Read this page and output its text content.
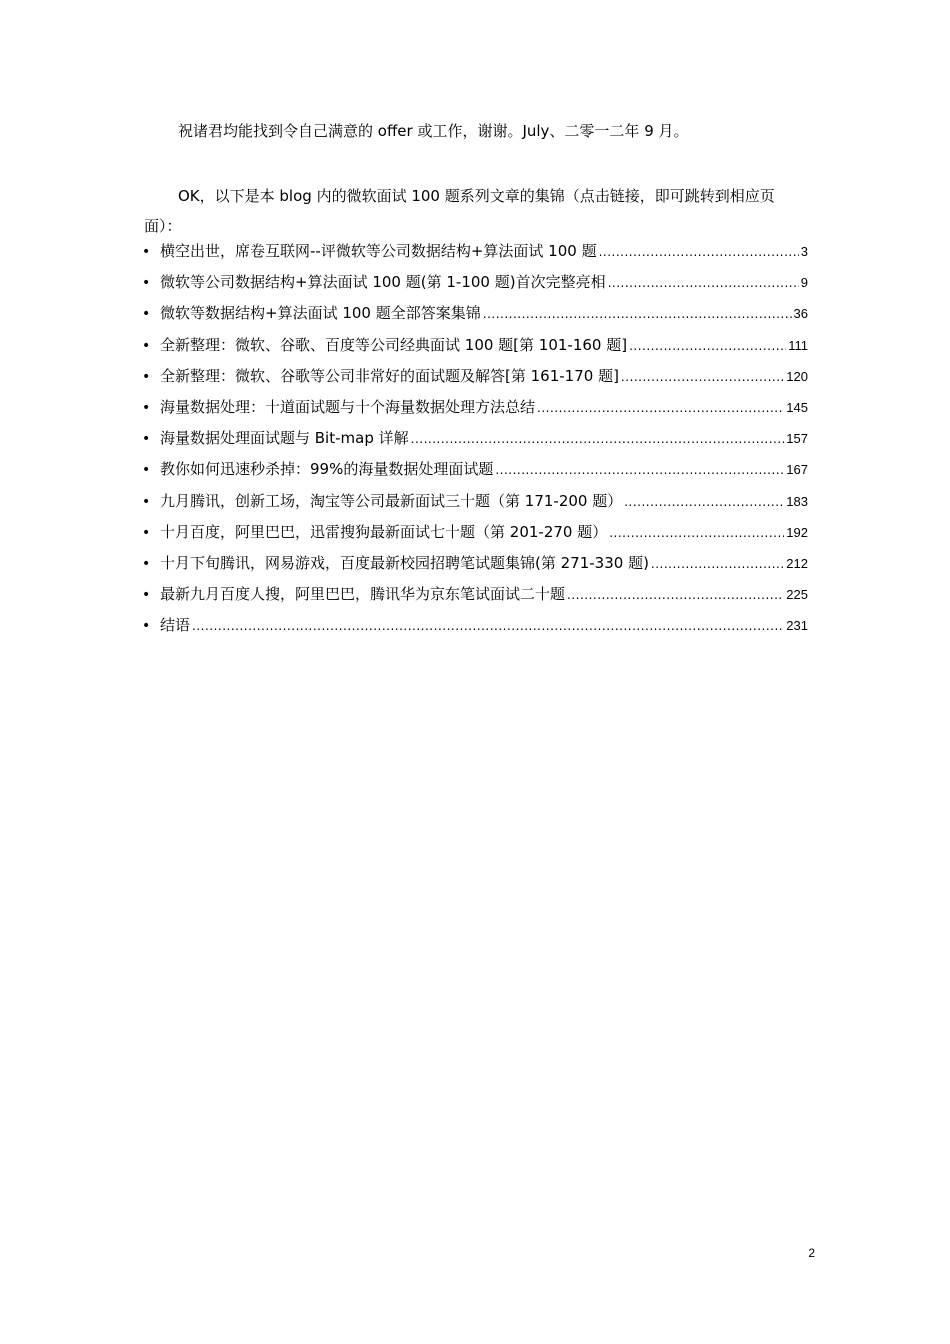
祝诸君均能找到令自己满意的 offer 或工作，谢谢。July、二零一二年 9 月。
OK，以下是本 blog 内的微软面试 100 题系列文章的集锦（点击链接，即可跳转到相应页面）：
• 横空出世，席卷互联网--评微软等公司数据结构+算法面试 100 题 .....	3
• 微软等公司数据结构+算法面试 100 题(第 1-100 题)首次完整亮相 .....	9
• 微软等数据结构+算法面试 100 题全部答案集锦 .....	36
• 全新整理：微软、谷歌、百度等公司经典面试 100 题[第 101-160 题] .....	111
• 全新整理：微软、谷歌等公司非常好的面试题及解答[第 161-170 题] .....	120
• 海量数据处理：十道面试题与十个海量数据处理方法总结 .....	145
• 海量数据处理面试题与 Bit-map 详解 .....	157
• 教你如何迅速秒杀掉：99%的海量数据处理面试题 .....	167
• 九月腾讯，创新工场，淘宝等公司最新面试三十题（第 171-200 题） .....	183
• 十月百度，阿里巴巴，迅雷搜狗最新面试七十题（第 201-270 题） .....	192
• 十月下旬腾讯，网易游戏，百度最新校园招聘笔试题集锦(第 271-330 题) .....	212
• 最新九月百度人搜，阿里巴巴，腾讯华为京东笔试面试二十题 .....	225
• 结语 .....	231
2
